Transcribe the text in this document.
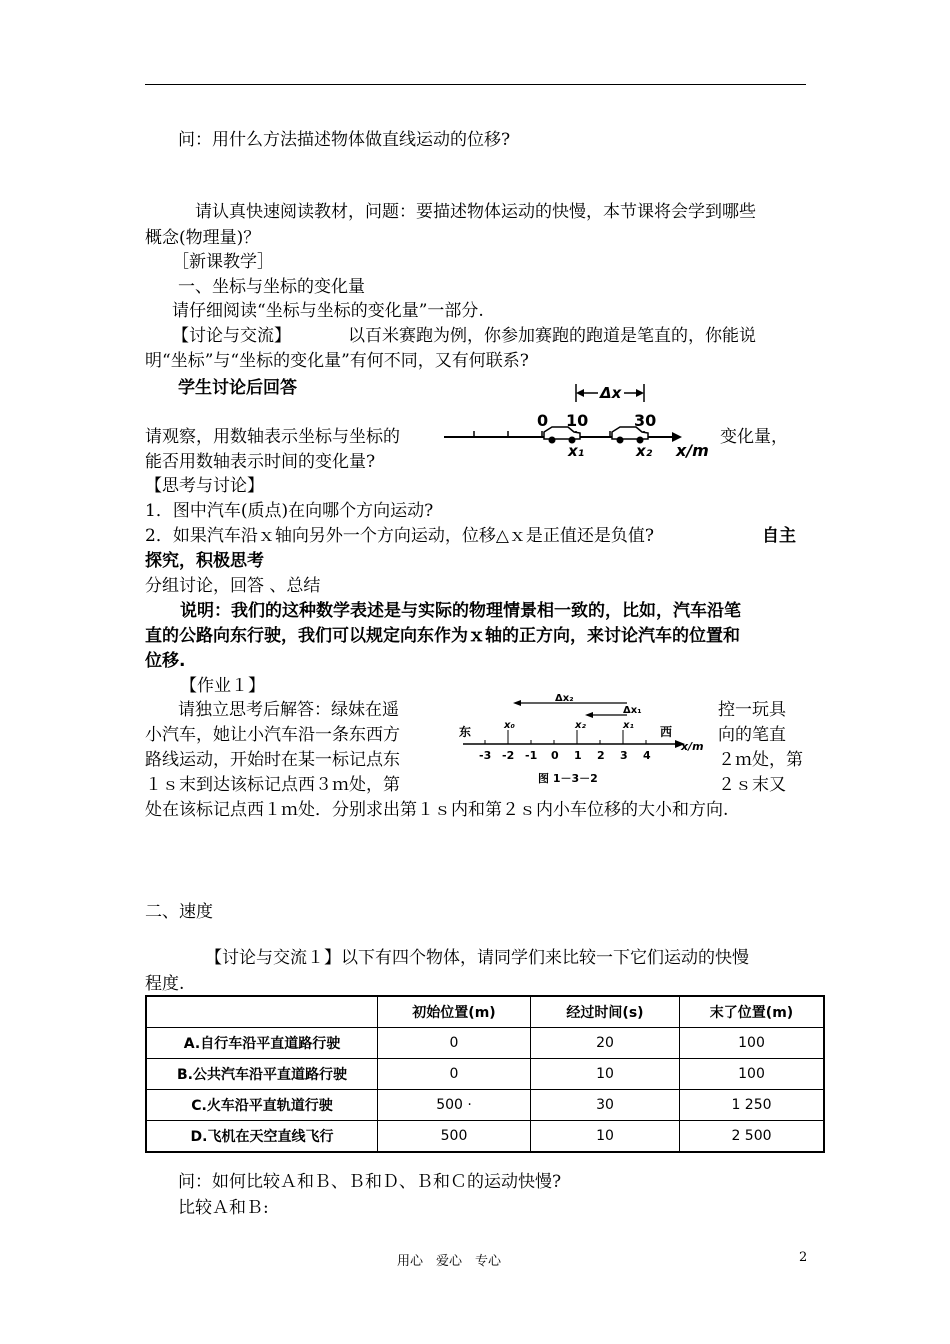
问：用什么方法描述物体做直线运动的位移?
请认真快速阅读教材，问题：要描述物体运动的快慢，本节课将会学到哪些
概念(物理量)？
［新课教学］
一、坐标与坐标的变化量
请仔细阅读“坐标与坐标的变化量”一部分.
【讨论与交流】	以百米赛跑为例，你参加赛跑的跑道是笔直的，你能说
明“坐标”与“坐标的变化量”有何不同，又有何联系?
学生讨论后回答	Δx
0 10	30
x₁	x₂ x/m
请观察，用数轴表示坐标与坐标的	变化量，
能否用数轴表示时间的变化量?
【思考与讨论】
1．图中汽车(质点)在向哪个方向运动?
2．如果汽车沿ｘ轴向另外一个方向运动，位移△ｘ是正值还是负值?	自主
探究，积极思考
分组讨论，回答 、总结
说明：我们的这种数学表述是与实际的物理情景相一致的，比如，汽车沿笔
直的公路向东行驶，我们可以规定向东作为ｘ轴的正方向，来讨论汽车的位置和
位移.
【作业１】
请独立思考后解答：绿妹在遥	控一玩具
小汽车，她让小汽车沿一条东西方	向的笔直
路线运动，开始时在某一标记点东	２ｍ处，第
１ｓ末到达该标记点西３ｍ处，第	２ｓ末又
处在该标记点西１ｍ处．分别求出第１ｓ内和第２ｓ内小车位移的大小和方向.
Δx₂
Δx₁
x₀	x₂	x₁
东	西
-3 -2 -1 0 1 2 3 4
x/m
图 1－3－2
二、速度
【讨论与交流１】以下有四个物体，请同学们来比较一下它们运动的快慢
程度.
	初始位置(m)	经过时间(s)	末了位置(m)
A.自行车沿平直道路行驶	0	20	100
B.公共汽车沿平直道路行驶	0	10	100
C.火车沿平直轨道行驶	500 ·	30	1 250
D.飞机在天空直线飞行	500	10	2 500
问：如何比较Ａ和Ｂ、Ｂ和Ｄ、Ｂ和Ｃ的运动快慢?
比较Ａ和Ｂ:
用心　爱心　专心	2
